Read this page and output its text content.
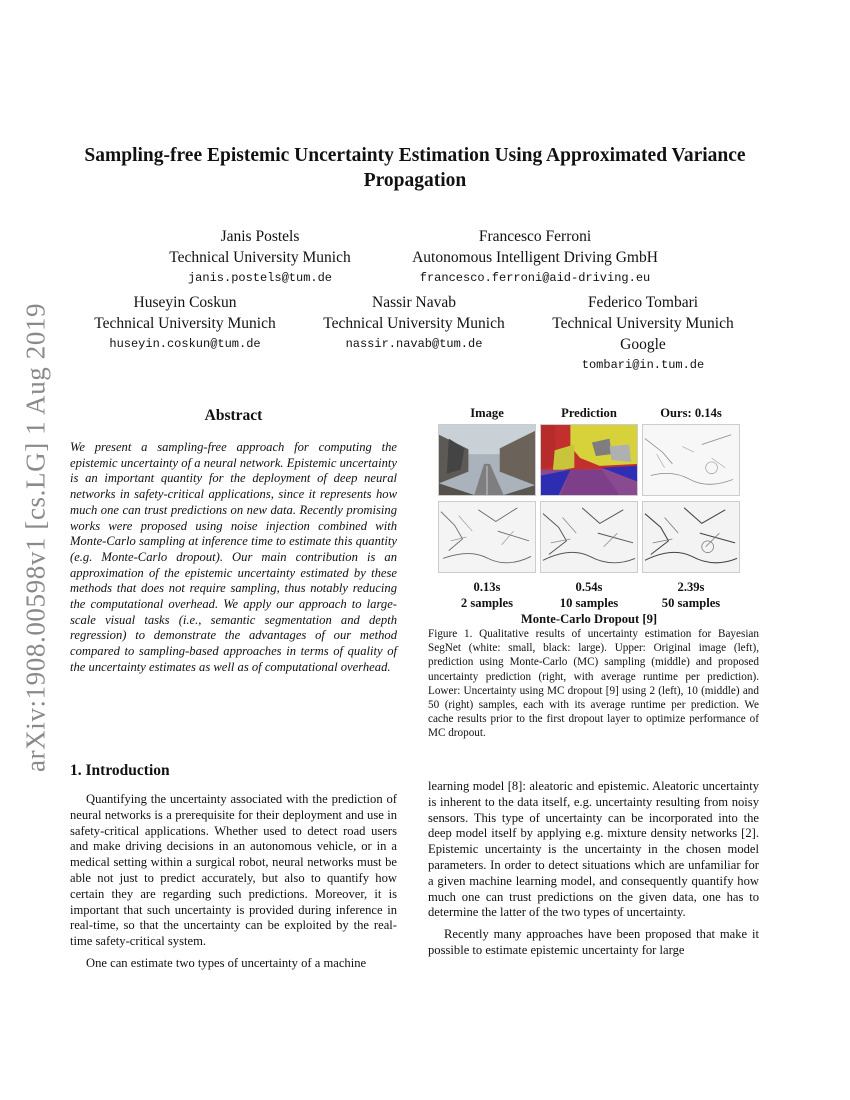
arXiv:1908.00598v1 [cs.LG] 1 Aug 2019
Sampling-free Epistemic Uncertainty Estimation Using Approximated Variance Propagation
Janis Postels
Technical University Munich
janis.postels@tum.de
Francesco Ferroni
Autonomous Intelligent Driving GmbH
francesco.ferroni@aid-driving.eu
Huseyin Coskun
Technical University Munich
huseyin.coskun@tum.de
Nassir Navab
Technical University Munich
nassir.navab@tum.de
Federico Tombari
Technical University Munich
Google
tombari@in.tum.de
Abstract
We present a sampling-free approach for computing the epistemic uncertainty of a neural network. Epistemic uncertainty is an important quantity for the deployment of deep neural networks in safety-critical applications, since it represents how much one can trust predictions on new data. Recently promising works were proposed using noise injection combined with Monte-Carlo sampling at inference time to estimate this quantity (e.g. Monte-Carlo dropout). Our main contribution is an approximation of the epistemic uncertainty estimated by these methods that does not require sampling, thus notably reducing the computational overhead. We apply our approach to large-scale visual tasks (i.e., semantic segmentation and depth regression) to demonstrate the advantages of our method compared to sampling-based approaches in terms of quality of the uncertainty estimates as well as of computational overhead.
Image	Prediction	Ours: 0.14s
0.13s	0.54s	2.39s
2 samples	10 samples	50 samples
Monte-Carlo Dropout [9]
Figure 1. Qualitative results of uncertainty estimation for Bayesian SegNet (white: small, black: large). Upper: Original image (left), prediction using Monte-Carlo (MC) sampling (middle) and proposed uncertainty prediction (right, with average runtime per prediction). Lower: Uncertainty using MC dropout [9] using 2 (left), 10 (middle) and 50 (right) samples, each with its average runtime per prediction. We cache results prior to the first dropout layer to optimize performance of MC dropout.
1. Introduction

Quantifying the uncertainty associated with the prediction of neural networks is a prerequisite for their deployment and use in safety-critical applications. Whether used to detect road users and make driving decisions in an autonomous vehicle, or in a medical setting within a surgical robot, neural networks must be able not just to predict accurately, but also to quantify how certain they are regarding such predictions. Moreover, it is important that such uncertainty is provided during inference in real-time, so that the uncertainty can be exploited by the real-time safety-critical system.

One can estimate two types of uncertainty of a machine

learning model [8]: aleatoric and epistemic. Aleatoric uncertainty is inherent to the data itself, e.g. uncertainty resulting from noisy sensors. This type of uncertainty can be incorporated into the deep model itself by applying e.g. mixture density networks [2]. Epistemic uncertainty is the uncertainty in the chosen model parameters. In order to detect situations which are unfamiliar for a given machine learning model, and consequently quantify how much one can trust predictions on the given data, one has to determine the latter of the two types of uncertainty.

Recently many approaches have been proposed that make it possible to estimate epistemic uncertainty for large
